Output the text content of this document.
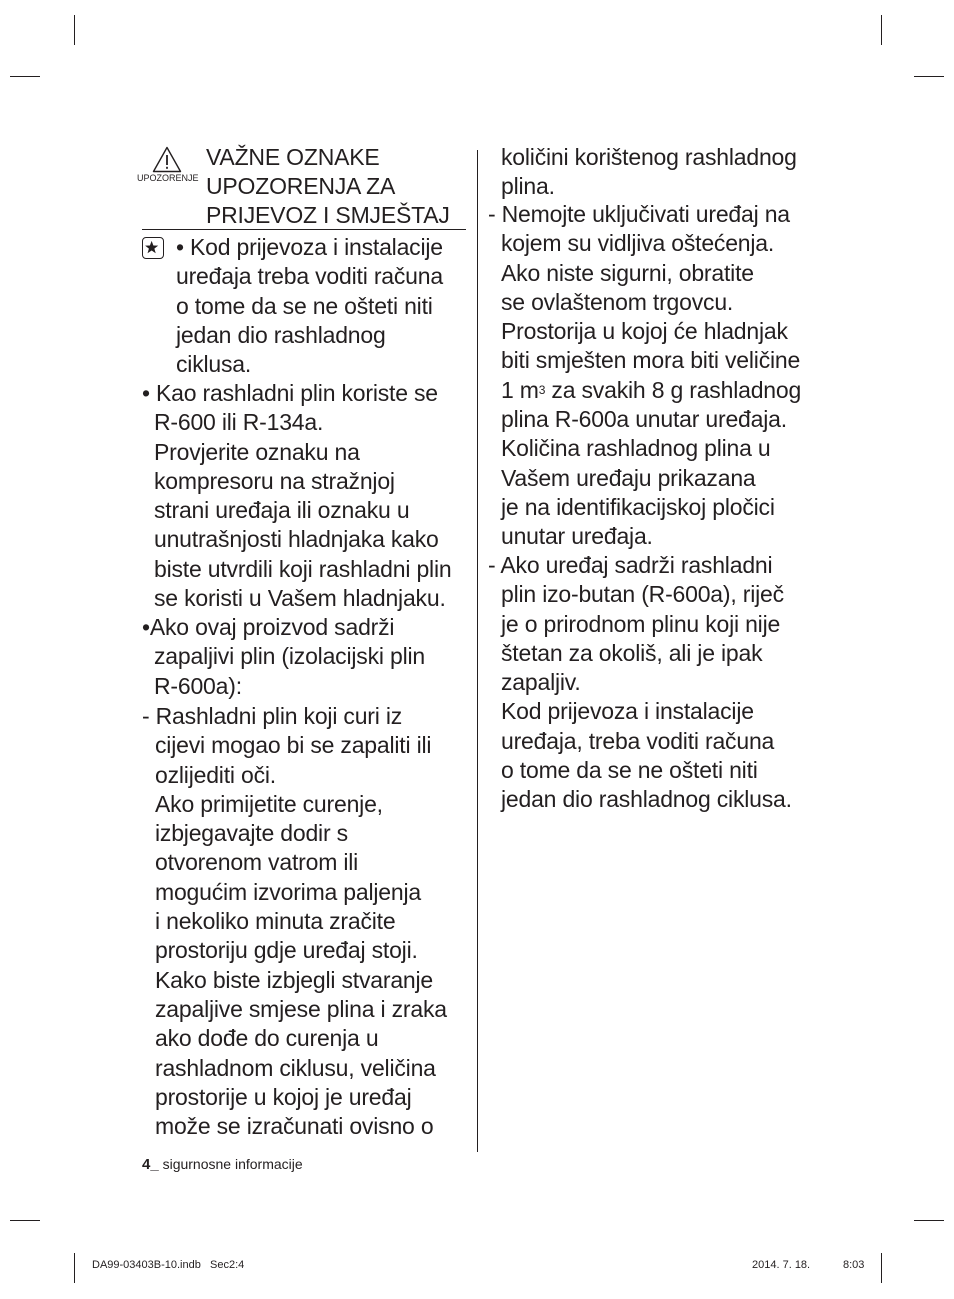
UPOZORENJE
VAŽNE OZNAKE
UPOZORENJA ZA
PRIJEVOZ I SMJEŠTAJ
• Kod prijevoza i instalacije
uređaja treba voditi računa
o tome da se ne ošteti niti
jedan dio rashladnog
ciklusa.
• Kao rashladni plin koriste se
R-600 ili R-134a.
Provjerite oznaku na
kompresoru na stražnjoj
strani uređaja ili oznaku u
unutrašnjosti hladnjaka kako
biste utvrdili koji rashladni plin
se koristi u Vašem hladnjaku.
•Ako ovaj proizvod sadrži
zapaljivi plin (izolacijski plin
R-600a):
- Rashladni plin koji curi iz
cijevi mogao bi se zapaliti ili
ozlijediti oči.
Ako primijetite curenje,
izbjegavajte dodir s
otvorenom vatrom ili
mogućim izvorima paljenja
i nekoliko minuta zračite
prostoriju gdje uređaj stoji.
Kako biste izbjegli stvaranje
zapaljive smjese plina i zraka
ako dođe do curenja u
rashladnom ciklusu, veličina
prostorije u kojoj je uređaj
može se izračunati ovisno o
količini korištenog rashladnog
plina.
- Nemojte uključivati uređaj na
kojem su vidljiva oštećenja.
Ako niste sigurni, obratite
se ovlaštenom trgovcu.
Prostorija u kojoj će hladnjak
biti smješten mora biti veličine
1 $m^3$ za svakih 8 g rashladnog
plina R-600a unutar uređaja.
Količina rashladnog plina u
Vašem uređaju prikazana
je na identifikacijskoj pločici
unutar uređaja.
- Ako uređaj sadrži rashladni
plin izo-butan (R-600a), riječ
je o prirodnom plinu koji nije
štetan za okoliš, ali je ipak
zapaljiv.
Kod prijevoza i instalacije
uređaja, treba voditi računa
o tome da se ne ošteti niti
jedan dio rashladnog ciklusa.
4_ sigurnosne informacije
DA99-03403B-10.indb   Sec2:4	2014. 7. 18.	8:03
